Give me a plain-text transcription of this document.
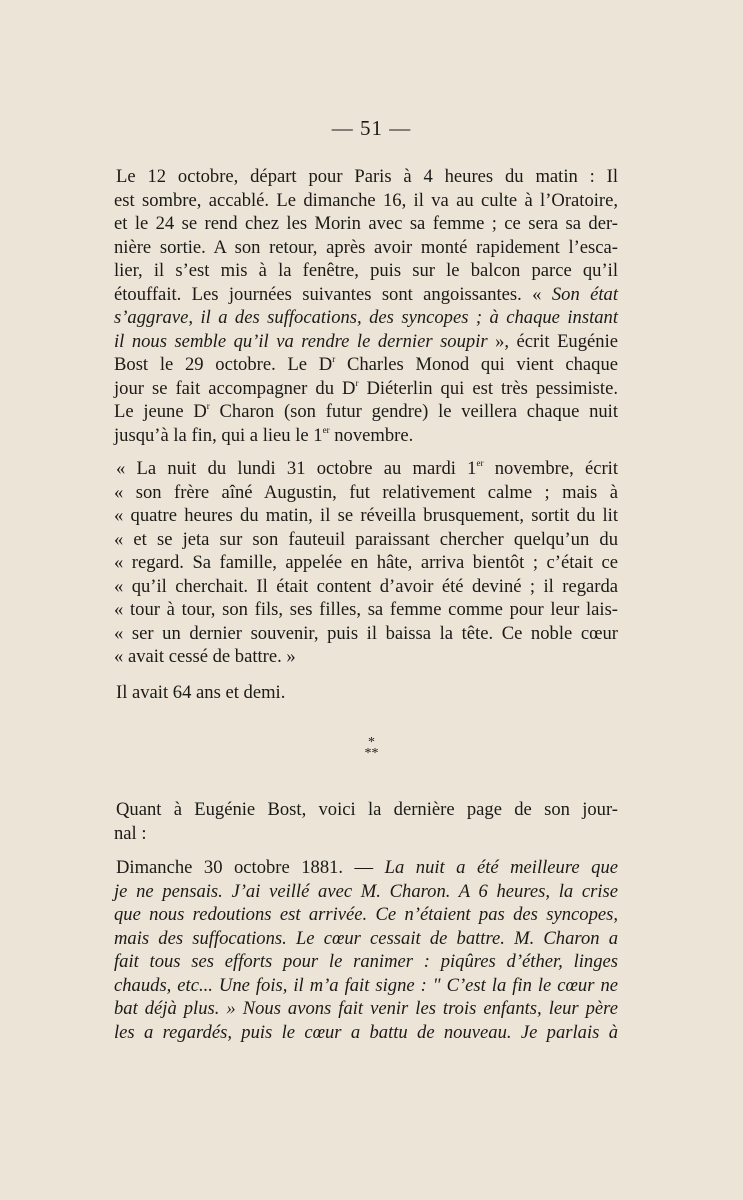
— 51 —
Le 12 octobre, départ pour Paris à 4 heures du matin : Il
est sombre, accablé. Le dimanche 16, il va au culte à l’Oratoire,
et le 24 se rend chez les Morin avec sa femme ; ce sera sa der-
nière sortie. A son retour, après avoir monté rapidement l’esca-
lier, il s’est mis à la fenêtre, puis sur le balcon parce qu’il
étouffait. Les journées suivantes sont angoissantes. « Son état
s’aggrave, il a des suffocations, des syncopes ; à chaque instant
il nous semble qu’il va rendre le dernier soupir », écrit Eugénie
Bost le 29 octobre. Le $D^r$ Charles Monod qui vient chaque
jour se fait accompagner du $D^r$ Diéterlin qui est très pessimiste.
Le jeune $D^r$ Charon (son futur gendre) le veillera chaque nuit
jusqu’à la fin, qui a lieu le 1er novembre.
« La nuit du lundi 31 octobre au mardi 1er novembre, écrit
« son frère aîné Augustin, fut relativement calme ; mais à
« quatre heures du matin, il se réveilla brusquement, sortit du lit
« et se jeta sur son fauteuil paraissant chercher quelqu’un du
« regard. Sa famille, appelée en hâte, arriva bientôt ; c’était ce
« qu’il cherchait. Il était content d’avoir été deviné ; il regarda
« tour à tour, son fils, ses filles, sa femme comme pour leur lais-
« ser un dernier souvenir, puis il baissa la tête. Ce noble cœur
« avait cessé de battre. »
Il avait 64 ans et demi.
*
**
Quant à Eugénie Bost, voici la dernière page de son jour-
nal :
Dimanche 30 octobre 1881. — La nuit a été meilleure que
je ne pensais. J’ai veillé avec M. Charon. A 6 heures, la crise
que nous redoutions est arrivée. Ce n’étaient pas des syncopes,
mais des suffocations. Le cœur cessait de battre. M. Charon a
fait tous ses efforts pour le ranimer : piqûres d’éther, linges
chauds, etc... Une fois, il m’a fait signe : " C’est la fin le cœur ne
bat déjà plus. » Nous avons fait venir les trois enfants, leur père
les a regardés, puis le cœur a battu de nouveau. Je parlais à
